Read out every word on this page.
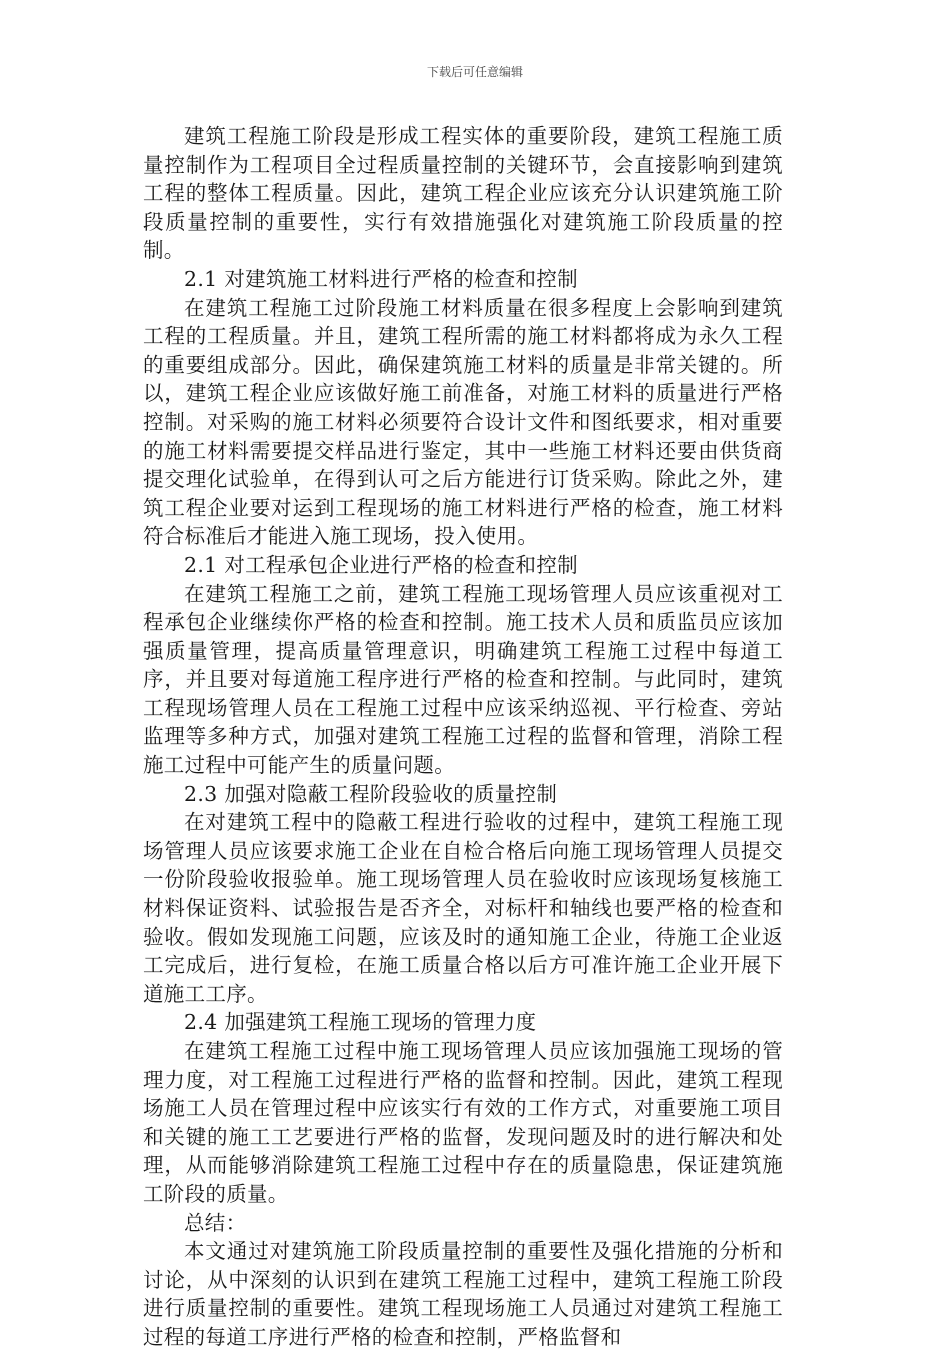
下载后可任意编辑

建筑工程施工阶段是形成工程实体的重要阶段，建筑工程施工质量控制作为工程项目全过程质量控制的关键环节，会直接影响到建筑工程的整体工程质量。因此，建筑工程企业应该充分认识建筑施工阶段质量控制的重要性，实行有效措施强化对建筑施工阶段质量的控制。

2.1 对建筑施工材料进行严格的检查和控制

在建筑工程施工过阶段施工材料质量在很多程度上会影响到建筑工程的工程质量。并且，建筑工程所需的施工材料都将成为永久工程的重要组成部分。因此，确保建筑施工材料的质量是非常关键的。所以，建筑工程企业应该做好施工前准备，对施工材料的质量进行严格控制。对采购的施工材料必须要符合设计文件和图纸要求，相对重要的施工材料需要提交样品进行鉴定，其中一些施工材料还要由供货商提交理化试验单，在得到认可之后方能进行订货采购。除此之外，建筑工程企业要对运到工程现场的施工材料进行严格的检查，施工材料符合标准后才能进入施工现场，投入使用。

2.1 对工程承包企业进行严格的检查和控制

在建筑工程施工之前，建筑工程施工现场管理人员应该重视对工程承包企业继续你严格的检查和控制。施工技术人员和质监员应该加强质量管理，提高质量管理意识，明确建筑工程施工过程中每道工序，并且要对每道施工程序进行严格的检查和控制。与此同时，建筑工程现场管理人员在工程施工过程中应该采纳巡视、平行检查、旁站监理等多种方式，加强对建筑工程施工过程的监督和管理，消除工程施工过程中可能产生的质量问题。

2.3 加强对隐蔽工程阶段验收的质量控制

在对建筑工程中的隐蔽工程进行验收的过程中，建筑工程施工现场管理人员应该要求施工企业在自检合格后向施工现场管理人员提交一份阶段验收报验单。施工现场管理人员在验收时应该现场复核施工材料保证资料、试验报告是否齐全，对标杆和轴线也要严格的检查和验收。假如发现施工问题，应该及时的通知施工企业，待施工企业返工完成后，进行复检，在施工质量合格以后方可准许施工企业开展下道施工工序。

2.4 加强建筑工程施工现场的管理力度

在建筑工程施工过程中施工现场管理人员应该加强施工现场的管理力度，对工程施工过程进行严格的监督和控制。因此，建筑工程现场施工人员在管理过程中应该实行有效的工作方式，对重要施工项目和关键的施工工艺要进行严格的监督，发现问题及时的进行解决和处理，从而能够消除建筑工程施工过程中存在的质量隐患，保证建筑施工阶段的质量。

总结：

本文通过对建筑施工阶段质量控制的重要性及强化措施的分析和讨论，从中深刻的认识到在建筑工程施工过程中，建筑工程施工阶段进行质量控制的重要性。建筑工程现场施工人员通过对建筑工程施工过程的每道工序进行严格的检查和控制，严格监督和
